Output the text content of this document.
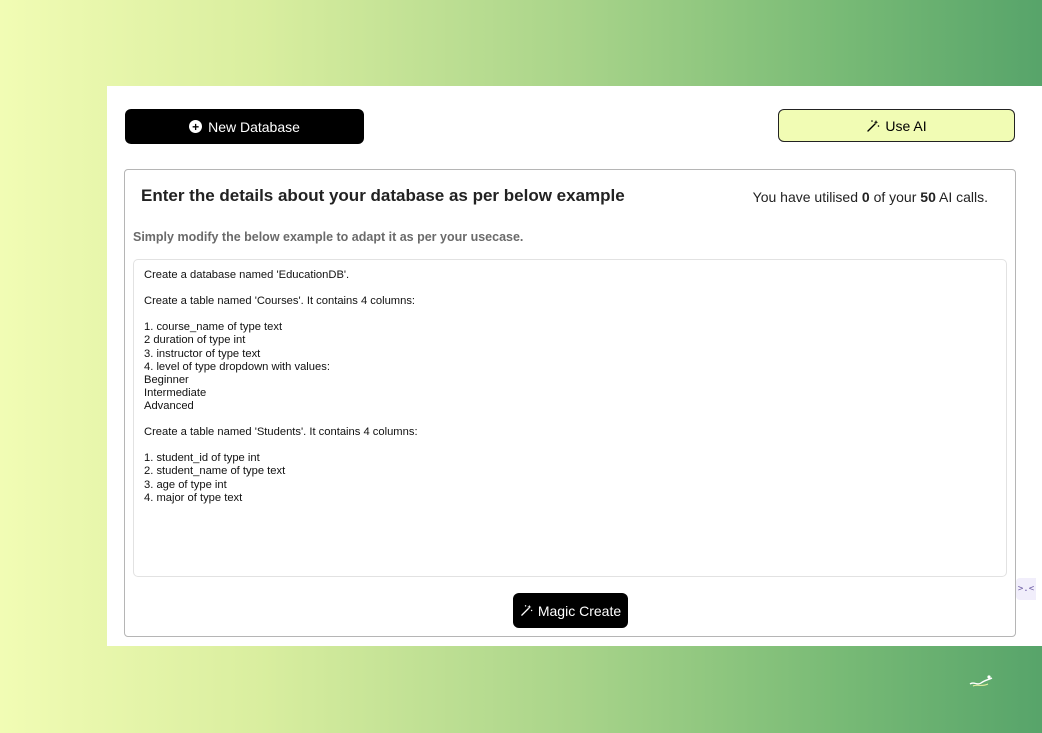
+ New Database	Use AI
Enter the details about your database as per below example	You have utilised 0 of your 50 AI calls.
Simply modify the below example to adapt it as per your usecase.
Create a database named 'EducationDB'. Create a table named 'Courses'. It contains 4 columns: 1. course_name of type text 2 duration of type int 3. instructor of type text 4. level of type dropdown with values: Beginner Intermediate Advanced Create a table named 'Students'. It contains 4 columns: 1. student_id of type int 2. student_name of type text 3. age of type int 4. major of type text
Magic Create
>.<
